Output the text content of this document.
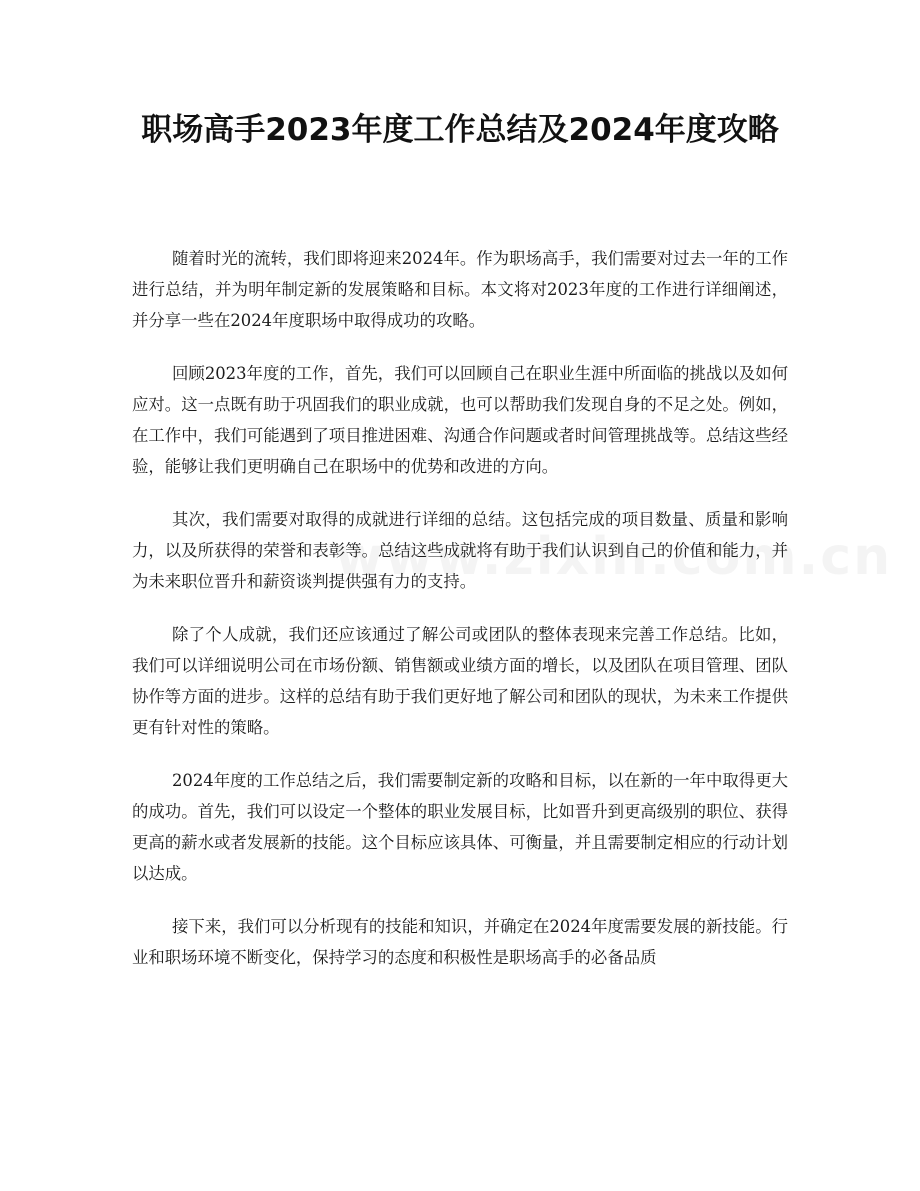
职场高手2023年度工作总结及2024年度攻略

随着时光的流转，我们即将迎来2024年。作为职场高手，我们需要对过去一年的工作进行总结，并为明年制定新的发展策略和目标。本文将对2023年度的工作进行详细阐述，并分享一些在2024年度职场中取得成功的攻略。

回顾2023年度的工作，首先，我们可以回顾自己在职业生涯中所面临的挑战以及如何应对。这一点既有助于巩固我们的职业成就，也可以帮助我们发现自身的不足之处。例如，在工作中，我们可能遇到了项目推进困难、沟通合作问题或者时间管理挑战等。总结这些经验，能够让我们更明确自己在职场中的优势和改进的方向。

其次，我们需要对取得的成就进行详细的总结。这包括完成的项目数量、质量和影响力，以及所获得的荣誉和表彰等。总结这些成就将有助于我们认识到自己的价值和能力，并为未来职位晋升和薪资谈判提供强有力的支持。

除了个人成就，我们还应该通过了解公司或团队的整体表现来完善工作总结。比如，我们可以详细说明公司在市场份额、销售额或业绩方面的增长，以及团队在项目管理、团队协作等方面的进步。这样的总结有助于我们更好地了解公司和团队的现状，为未来工作提供更有针对性的策略。

2024年度的工作总结之后，我们需要制定新的攻略和目标，以在新的一年中取得更大的成功。首先，我们可以设定一个整体的职业发展目标，比如晋升到更高级别的职位、获得更高的薪水或者发展新的技能。这个目标应该具体、可衡量，并且需要制定相应的行动计划以达成。

接下来，我们可以分析现有的技能和知识，并确定在2024年度需要发展的新技能。行业和职场环境不断变化，保持学习的态度和积极性是职场高手的必备品质
